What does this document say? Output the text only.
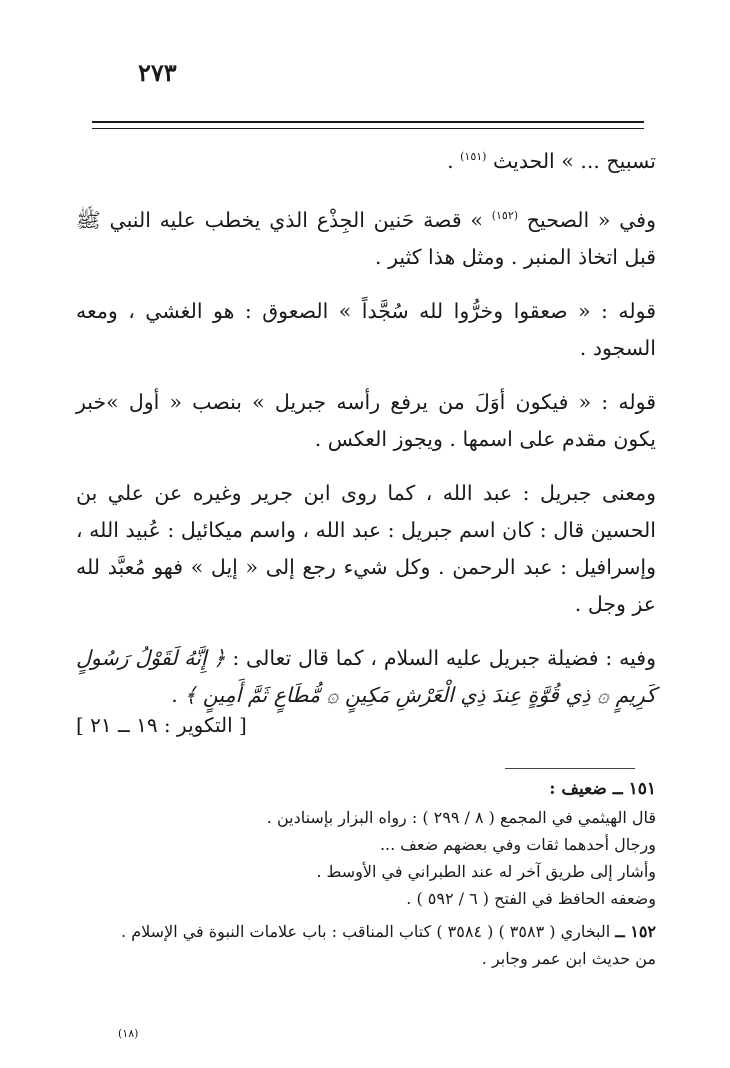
٢٧٣

تسبيح ... » الحديث $^{(١٥١)}$ .

وفي « الصحيح $^{(١٥٢)}$ » قصة حَنين الجِذْع الذي يخطب عليه النبي ﷺ قبل اتخاذ المنبر . ومثل هذا كثير .

قوله : « صعقوا وخرُّوا لله سُجَّداً » الصعوق : هو الغشي ، ومعه السجود .

قوله : « فيكون أوَلَ من يرفع رأسه جبريل » بنصب « أول »خبر يكون مقدم على اسمها . ويجوز العكس .

ومعنى جبريل : عبد الله ، كما روى ابن جرير وغيره عن علي بن الحسين قال : كان اسم جبريل : عبد الله ، واسم ميكائيل : عُبيد الله ، وإسرافيل : عبد الرحمن . وكل شيء رجع إلى « إيل » فهو مُعبَّد لله عز وجل .

وفيه : فضيلة جبريل عليه السلام ، كما قال تعالى : ﴿ إِنَّهُ لَقَوْلُ رَسُولٍ كَرِيمٍ ۞ ذِي قُوَّةٍ عِندَ ذِي الْعَرْشِ مَكِينٍ ۞ مُّطَاعٍ ثَمَّ أَمِينٍ ﴾ .

[ التكوير : ١٩ ــ ٢١ ]

١٥١ ــ ضعيف :

قال الهيثمي في المجمع ( ٨ / ٢٩٩ ) : رواه البزار بإسنادين .

ورجال أحدهما ثقات وفي بعضهم ضعف ...

وأشار إلى طريق آخر له عند الطبراني في الأوسط .

وضعفه الحافظ في الفتح ( ٦ / ٥٩٢ ) .

١٥٢ ــ البخاري ( ٣٥٨٣ ) ( ٣٥٨٤ ) كتاب المناقب : باب علامات النبوة في الإسلام .

من حديث ابن عمر وجابر .

(١٨)
